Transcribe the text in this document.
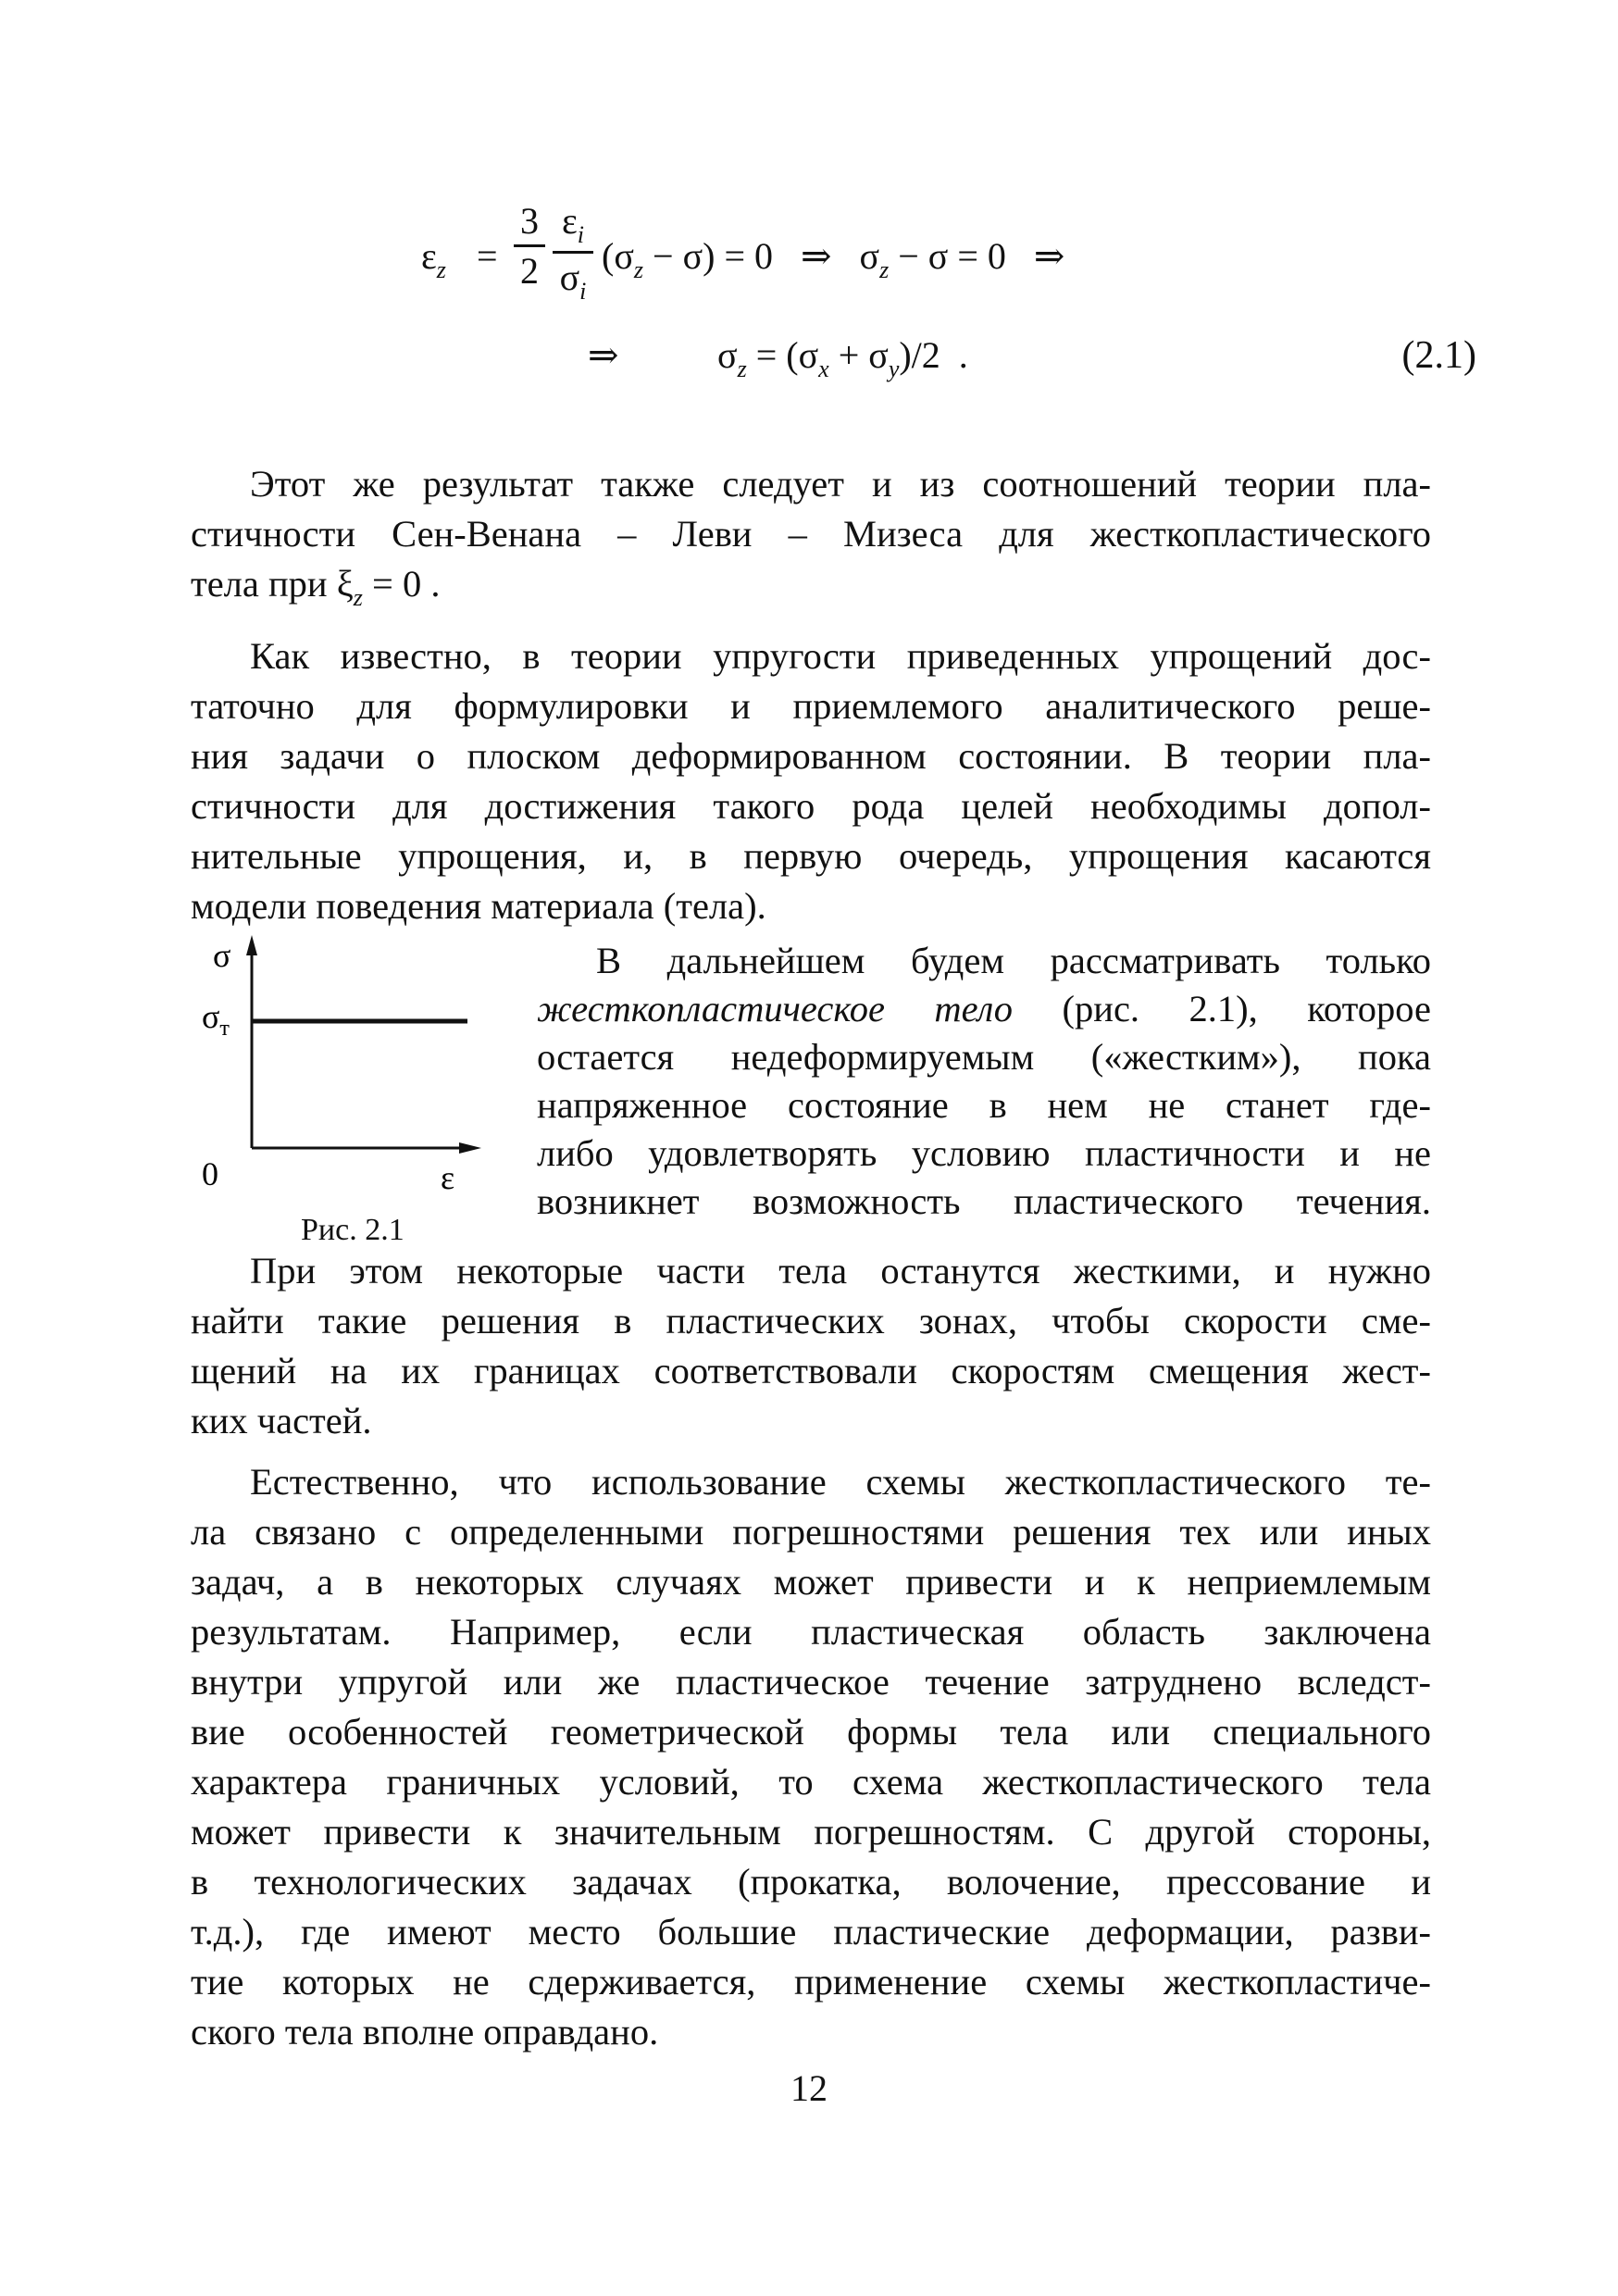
$\varepsilon_z$ =
3
2
$\varepsilon_i$
$\sigma_i$
$(\sigma_z - \sigma) = 0$   ⇒   $\sigma_z - \sigma = 0$   ⇒
⇒	$\sigma_z = (\sigma_x + \sigma_y)/2$  .	(2.1)
Этот же результат также следует и из соотношений теории пла-
стичности Сен-Венана – Леви – Мизеса для жесткопластического
тела при $\xi_z = 0$ .
Как известно, в теории упругости приведенных упрощений дос-
таточно для формулировки и приемлемого аналитического реше-
ния задачи о плоском деформированном состоянии. В теории пла-
стичности для достижения такого рода целей необходимы допол-
нительные упрощения, и, в первую очередь, упрощения касаются
модели поведения материала (тела).
σ
$\sigma_т$
0	ε
Рис. 2.1
В дальнейшем будем рассматривать только
жесткопластическое тело (рис. 2.1), которое
остается недеформируемым («жестким»), пока
напряженное состояние в нем не станет где-
либо удовлетворять условию пластичности и не
возникнет возможность пластического течения.
При этом некоторые части тела останутся жесткими, и нужно
найти такие решения в пластических зонах, чтобы скорости сме-
щений на их границах соответствовали скоростям смещения жест-
ких частей.
Естественно, что использование схемы жесткопластического те-
ла связано с определенными погрешностями решения тех или иных
задач, а в некоторых случаях может привести и к неприемлемым
результатам. Например, если пластическая область заключена
внутри упругой или же пластическое течение затруднено вследст-
вие особенностей геометрической формы тела или специального
характера граничных условий, то схема жесткопластического тела
может привести к значительным погрешностям. С другой стороны,
в технологических задачах (прокатка, волочение, прессование и
т.д.), где имеют место большие пластические деформации, разви-
тие которых не сдерживается, применение схемы жесткопластиче-
ского тела вполне оправдано.
12
